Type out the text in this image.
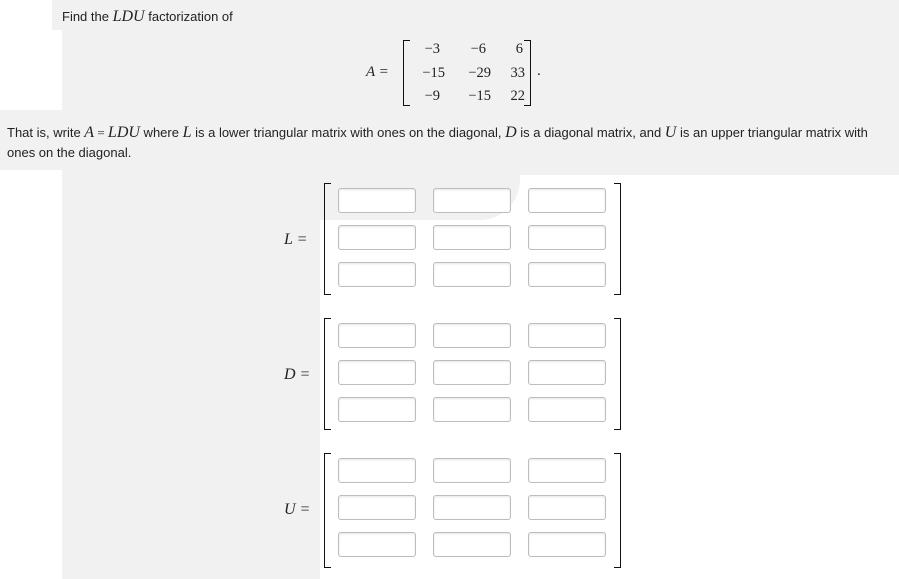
Find the LDU factorization of
A =
−3	−6	6
−15	−29	33
−9	−15	22
.
That is, write A = LDU where L is a lower triangular matrix with ones on the diagonal, D is a diagonal matrix, and U is an upper triangular matrix with ones on the diagonal.
L =
D =
U =
